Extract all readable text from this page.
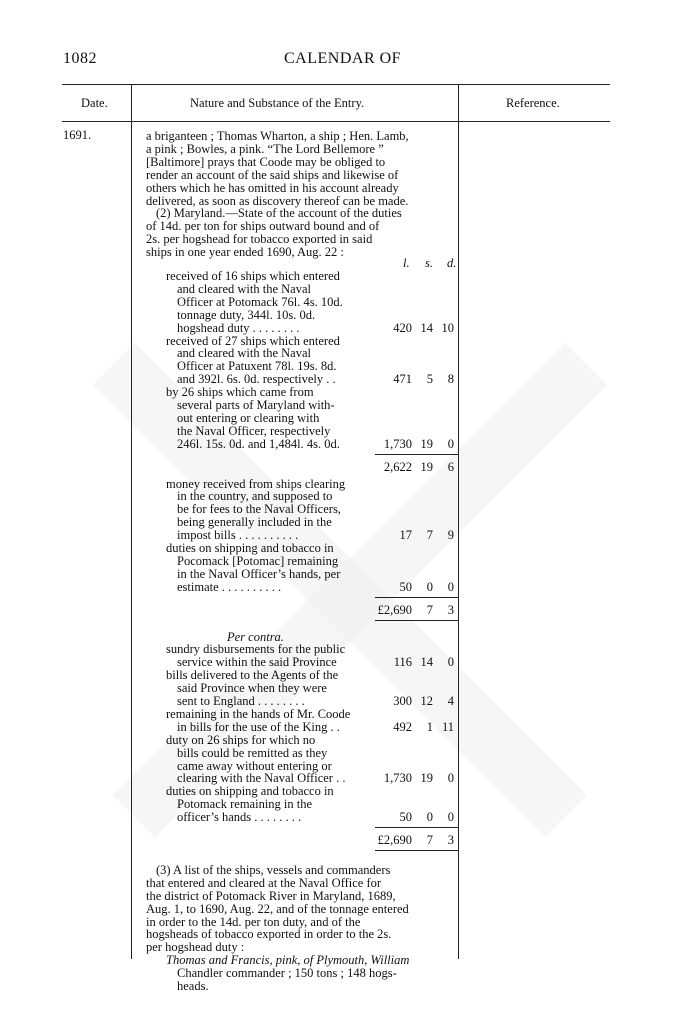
1082	CALENDAR OF
Date.	Nature and Substance of the Entry.	Reference.
1691.	a briganteen ; Thomas Wharton, a ship ; Hen. Lamb,
a pink ; Bowles, a pink. “The Lord Bellemore ”
[Baltimore] prays that Coode may be obliged to
render an account of the said ships and likewise of
others which he has omitted in his account already
delivered, as soon as discovery thereof can be made.
(2) Maryland.—State of the account of the duties
of 14d. per ton for ships outward bound and of
2s. per hogshead for tobacco exported in said
ships in one year ended 1690, Aug. 22 :
l. s. d.
received of 16 ships which entered
and cleared with the Naval
Officer at Potomack 76l. 4s. 10d.
tonnage duty, 344l. 10s. 0d.
hogshead duty . . . . . . . .	420 14 10
received of 27 ships which entered
and cleared with the Naval
Officer at Patuxent 78l. 19s. 8d.
and 392l. 6s. 0d. respectively . .	471	5	8
by 26 ships which came from
several parts of Maryland with-
out entering or clearing with
the Naval Officer, respectively
246l. 15s. 0d. and 1,484l. 4s. 0d.	1,730 19	0
2,622 19	6
money received from ships clearing
in the country, and supposed to
be for fees to the Naval Officers,
being generally included in the
impost bills . . . . . . . . . .	17	7	9
duties on shipping and tobacco in
Pocomack [Potomac] remaining
in the Naval Officer’s hands, per
estimate . . . . . . . . . .	50	0	0
£2,690	7	3
Per contra.
sundry disbursements for the public
service within the said Province	116 14	0
bills delivered to the Agents of the
said Province when they were
sent to England . . . . . . . .	300 12	4
remaining in the hands of Mr. Coode
in bills for the use of the King . .	492	1 11
duty on 26 ships for which no
bills could be remitted as they
came away without entering or
clearing with the Naval Officer . .	1,730 19	0
duties on shipping and tobacco in
Potomack remaining in the
officer’s hands . . . . . . . .	50	0	0
£2,690	7	3
(3) A list of the ships, vessels and commanders
that entered and cleared at the Naval Office for
the district of Potomack River in Maryland, 1689,
Aug. 1, to 1690, Aug. 22, and of the tonnage entered
in order to the 14d. per ton duty, and of the
hogsheads of tobacco exported in order to the 2s.
per hogshead duty :
Thomas and Francis, pink, of Plymouth, William
Chandler commander ; 150 tons ; 148 hogs-
heads.
